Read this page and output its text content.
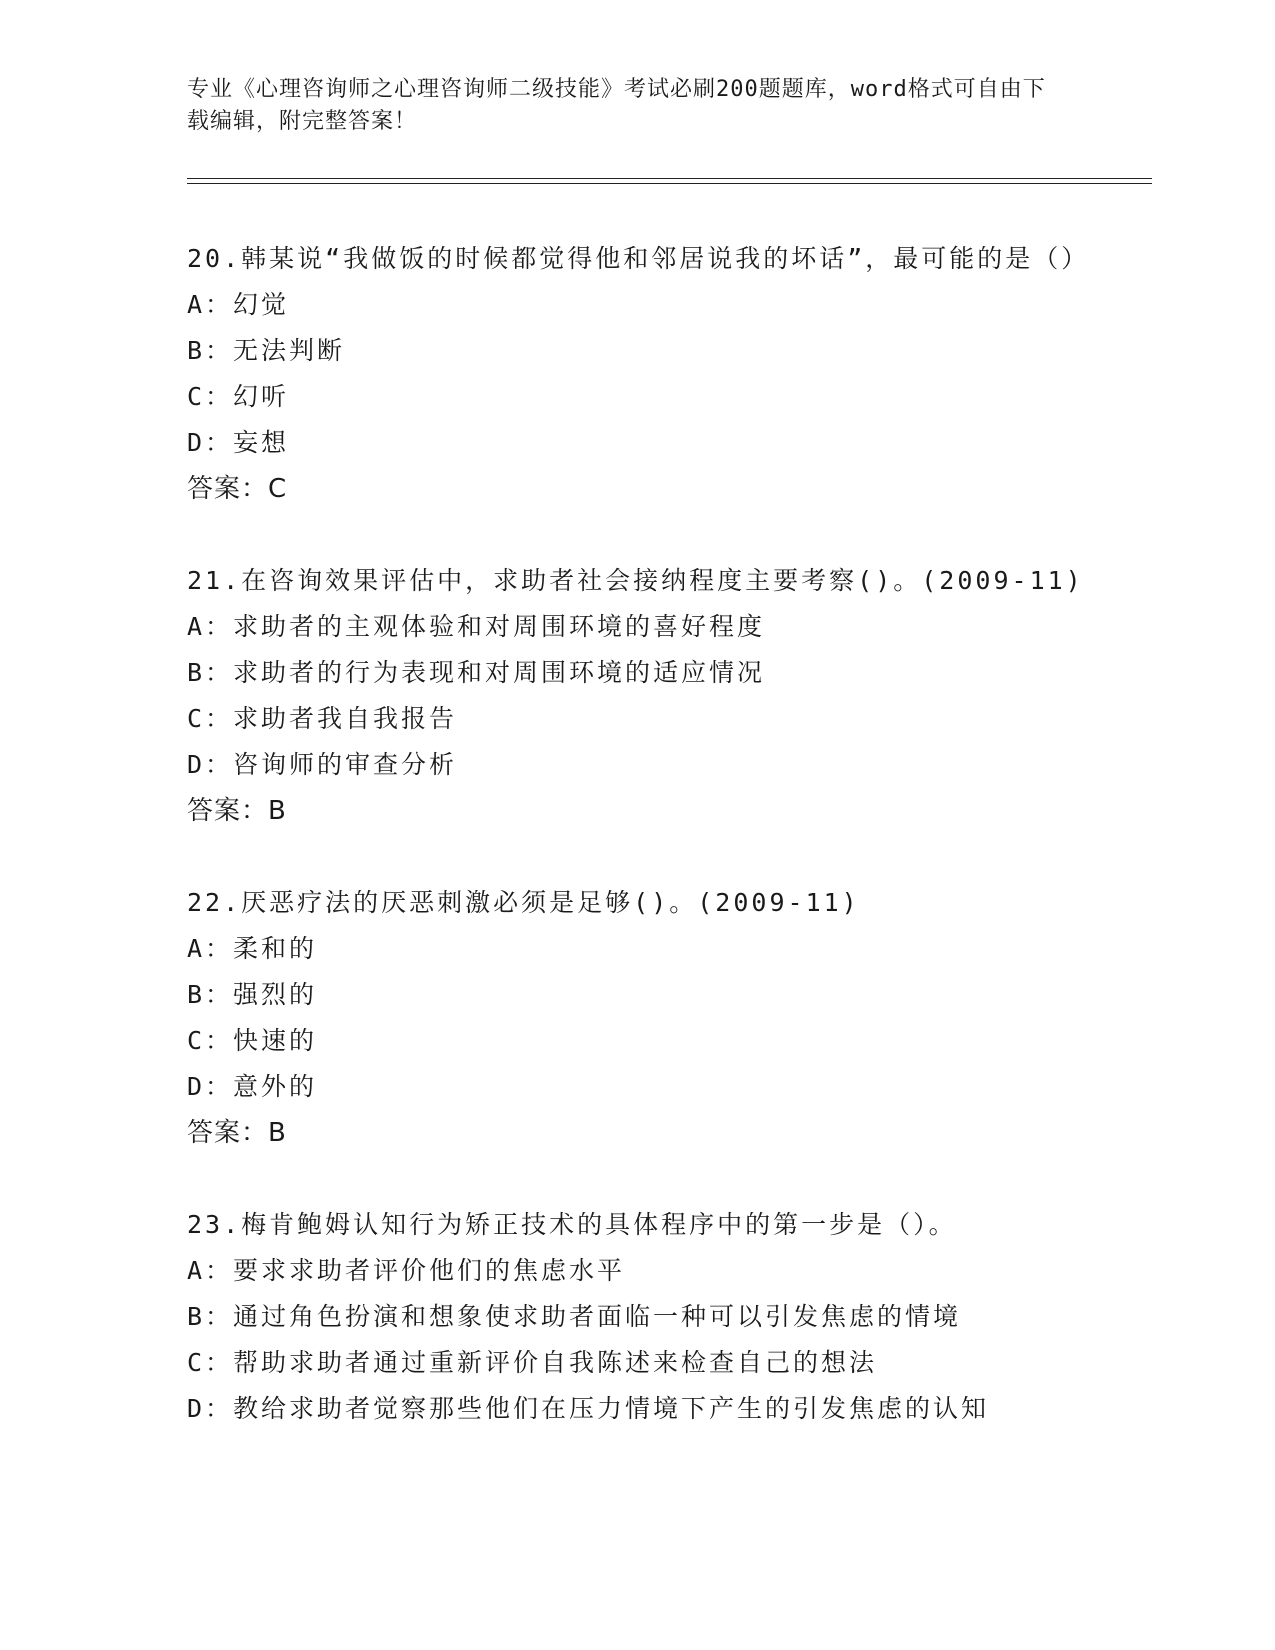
专业《心理咨询师之心理咨询师二级技能》考试必刷200题题库，word格式可自由下载编辑，附完整答案！
20.韩某说“我做饭的时候都觉得他和邻居说我的坏话”，最可能的是（）
A：幻觉
B：无法判断
C：幻听
D：妄想
答案：C
21.在咨询效果评估中，求助者社会接纳程度主要考察()。(2009-11)
A：求助者的主观体验和对周围环境的喜好程度
B：求助者的行为表现和对周围环境的适应情况
C：求助者我自我报告
D：咨询师的审查分析
答案：B
22.厌恶疗法的厌恶刺激必须是足够()。(2009-11)
A：柔和的
B：强烈的
C：快速的
D：意外的
答案：B
23.梅肯鲍姆认知行为矫正技术的具体程序中的第一步是（）。
A：要求求助者评价他们的焦虑水平
B：通过角色扮演和想象使求助者面临一种可以引发焦虑的情境
C：帮助求助者通过重新评价自我陈述来检查自己的想法
D：教给求助者觉察那些他们在压力情境下产生的引发焦虑的认知
